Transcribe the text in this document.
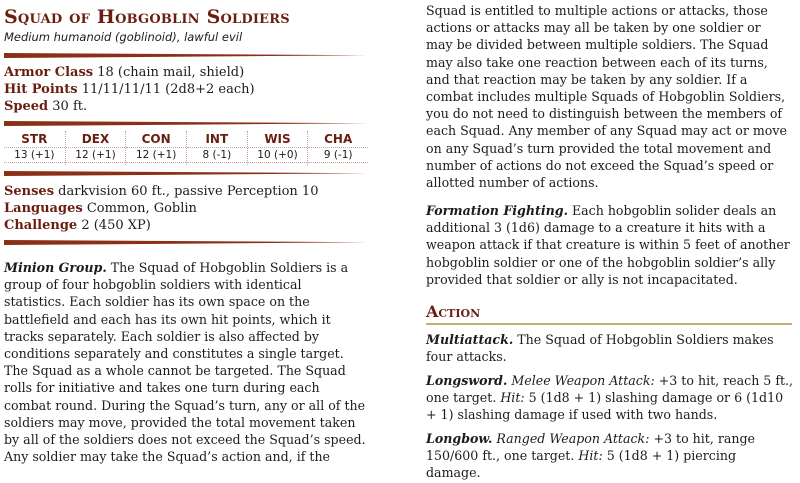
Squad of Hobgoblin Soldiers
Medium humanoid (goblinoid), lawful evil
Armor Class 18 (chain mail, shield)
Hit Points 11/11/11/11 (2d8+2 each)
Speed 30 ft.
STR
13 (+1)
DEX
12 (+1)
CON
12 (+1)
INT
8 (-1)
WIS
10 (+0)
CHA
9 (-1)
Senses darkvision 60 ft., passive Perception 10
Languages Common, Goblin
Challenge 2 (450 XP)
Minion Group. The Squad of Hobgoblin Soldiers is a
group of four hobgoblin soldiers with identical
statistics. Each soldier has its own space on the
battlefield and each has its own hit points, which it
tracks separately. Each soldier is also affected by
conditions separately and constitutes a single target.
The Squad as a whole cannot be targeted. The Squad
rolls for initiative and takes one turn during each
combat round. During the Squad’s turn, any or all of the
soldiers may move, provided the total movement taken
by all of the soldiers does not exceed the Squad’s speed.
Any soldier may take the Squad’s action and, if the
Squad is entitled to multiple actions or attacks, those
actions or attacks may all be taken by one soldier or
may be divided between multiple soldiers. The Squad
may also take one reaction between each of its turns,
and that reaction may be taken by any soldier. If a
combat includes multiple Squads of Hobgoblin Soldiers,
you do not need to distinguish between the members of
each Squad. Any member of any Squad may act or move
on any Squad’s turn provided the total movement and
number of actions do not exceed the Squad’s speed or
allotted number of actions.
Formation Fighting. Each hobgoblin solider deals an
additional 3 (1d6) damage to a creature it hits with a
weapon attack if that creature is within 5 feet of another
hobgoblin soldier or one of the hobgoblin soldier’s ally
provided that soldier or ally is not incapacitated.
Action
Multiattack. The Squad of Hobgoblin Soldiers makes
four attacks.
Longsword. Melee Weapon Attack: +3 to hit, reach 5 ft.,
one target. Hit: 5 (1d8 + 1) slashing damage or 6 (1d10
+ 1) slashing damage if used with two hands.
Longbow. Ranged Weapon Attack: +3 to hit, range
150/600 ft., one target. Hit: 5 (1d8 + 1) piercing
damage.
